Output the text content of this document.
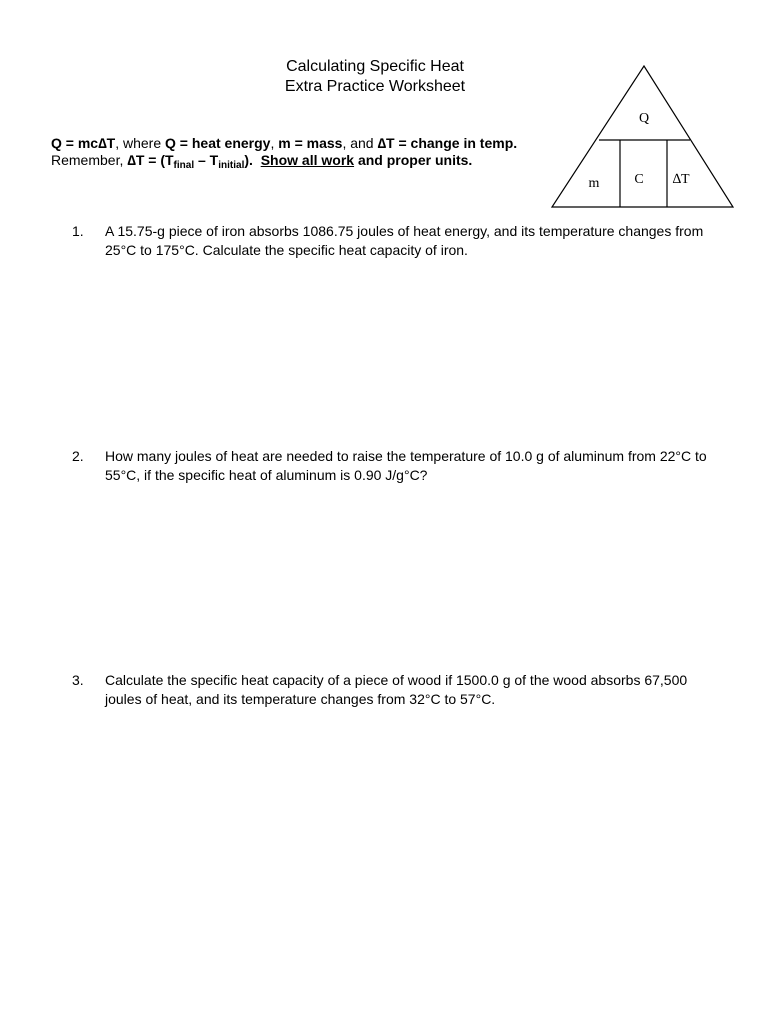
Calculating Specific Heat
Extra Practice Worksheet
Q = mc∆T, where Q = heat energy, m = mass, and ∆T = change in temp.
Remember, $\Delta T = (T_{final} - T_{initial})$. Show all work and proper units.
Q
m C ∆T
1. A 15.75-g piece of iron absorbs 1086.75 joules of heat energy, and its temperature changes from 25°C to 175°C. Calculate the specific heat capacity of iron.
2. How many joules of heat are needed to raise the temperature of 10.0 g of aluminum from 22°C to 55°C, if the specific heat of aluminum is 0.90 J/g°C?
3. Calculate the specific heat capacity of a piece of wood if 1500.0 g of the wood absorbs 67,500 joules of heat, and its temperature changes from 32°C to 57°C.
